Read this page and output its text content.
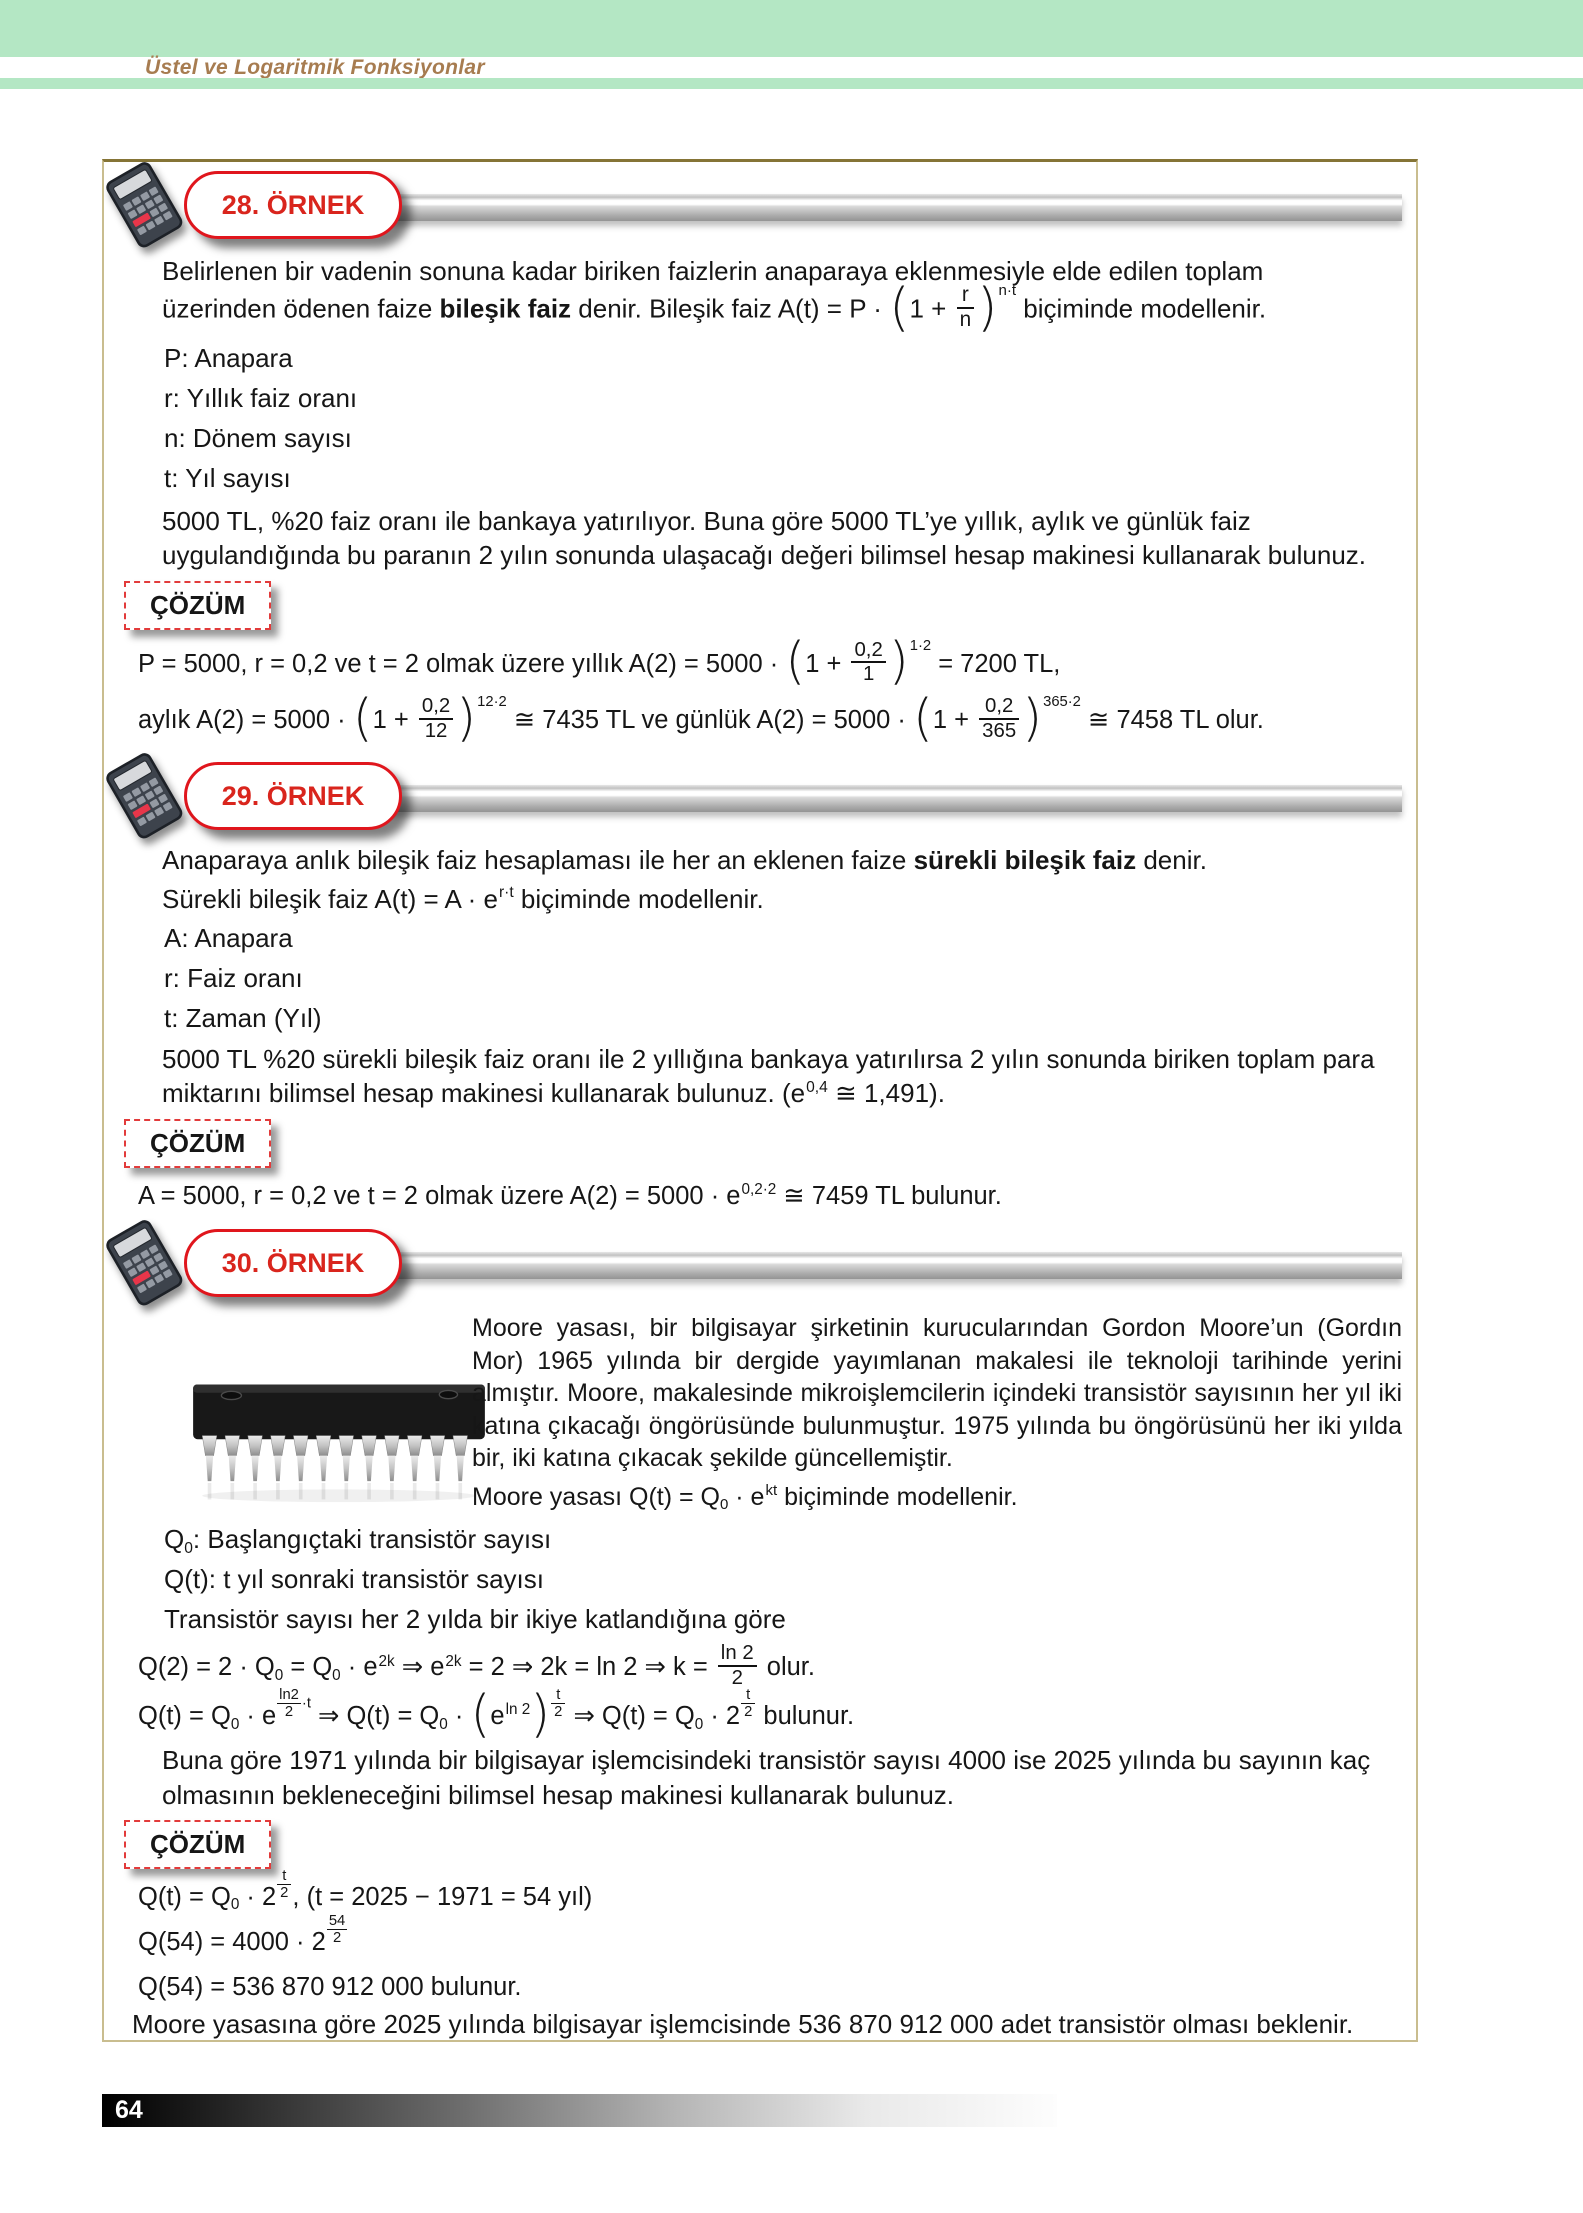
Üstel ve Logaritmik Fonksiyonlar
28. ÖRNEK
Belirlenen bir vadenin sonuna kadar biriken faizlerin anaparaya eklenmesiyle elde edilen toplam üzerinden ödenen faize bileşik faiz denir. Bileşik faiz $A(t) = P \cdot (1 + \frac{r}{n} )^{n\cdot t}$ biçiminde modellenir.
P: Anapara
r: Yıllık faiz oranı
n: Dönem sayısı
t: Yıl sayısı
5000 TL, %20 faiz oranı ile bankaya yatırılıyor. Buna göre 5000 TL’ye yıllık, aylık ve günlük faiz uygulandığında bu paranın 2 yılın sonunda ulaşacağı değeri bilimsel hesap makinesi kullanarak bulunuz.
ÇÖZÜM
P = 5000, r = 0,2 ve t = 2 olmak üzere yıllık $A(2) = 5000 \cdot (1 + \frac{0,2}{1} )^{1\cdot 2} = 7200$ TL,
aylık $A(2) = 5000 \cdot (1 + \frac{0,2}{12} )^{12\cdot 2}$ ≅ 7435 TL ve günlük $A(2) = 5000 \cdot (1 + \frac{0,2}{365} )^{365\cdot 2}$ ≅ 7458 TL olur.
29. ÖRNEK
Anaparaya anlık bileşik faiz hesaplaması ile her an eklenen faize sürekli bileşik faiz denir.
Sürekli bileşik faiz $A(t) = A \cdot e^{r\cdot t}$ biçiminde modellenir.
A: Anapara
r: Faiz oranı
t: Zaman (Yıl)
5000 TL %20 sürekli bileşik faiz oranı ile 2 yıllığına bankaya yatırılırsa 2 yılın sonunda biriken toplam para miktarını bilimsel hesap makinesi kullanarak bulunuz. ($e^{0,4}$ ≅ 1,491).
ÇÖZÜM
A = 5000, r = 0,2 ve t = 2 olmak üzere $A(2) = 5000 \cdot e^{0,2\cdot 2}$ ≅ 7459 TL bulunur.
30. ÖRNEK
Moore yasası, bir bilgisayar şirketinin kurucularından Gordon Moore’un (Gordın Mor) 1965 yılında bir dergide yayımlanan makalesi ile teknoloji tarihinde yerini almıştır. Moore, makalesinde mikroişlemcilerin içindeki transistör sayısının her yıl iki katına çıkacağı öngörüsünde bulunmuştur. 1975 yılında bu öngörüsünü her iki yılda bir, iki katına çıkacak şekilde güncellemiştir.
Moore yasası $Q(t) = Q0 \cdot e^{kt}$ biçiminde modellenir.
Q0: Başlangıçtaki transistör sayısı
Q(t): t yıl sonraki transistör sayısı
Transistör sayısı her 2 yılda bir ikiye katlandığına göre
$Q(2) = 2 \cdot Q0 = Q0 \cdot e^{2k}$ ⇒ $e^{2k} = 2$ ⇒ 2k = ln 2 ⇒ $k = \frac{\ln 2}{2}$ olur.
Q(t) = Q0 · e $\frac{\ln 2}{2} \cdot t$ ⇒ $Q(t) = Q0 \cdot (e^{ln 2}) \frac{t}{2}$ ⇒ $Q(t) = Q0 \cdot 2 \frac{t}{2}$ bulunur.
Buna göre 1971 yılında bir bilgisayar işlemcisindeki transistör sayısı 4000 ise 2025 yılında bu sayının kaç olmasının bekleneceğini bilimsel hesap makinesi kullanarak bulunuz.
ÇÖZÜM
$Q(t) = Q0 \cdot 2 \frac{t}{2}$ , (t = 2025 − 1971 = 54 yıl)
$Q(54) = 4000 \cdot 2 \frac{54}{2}$
Q(54) = 536 870 912 000 bulunur.
Moore yasasına göre 2025 yılında bilgisayar işlemcisinde 536 870 912 000 adet transistör olması beklenir.
64
